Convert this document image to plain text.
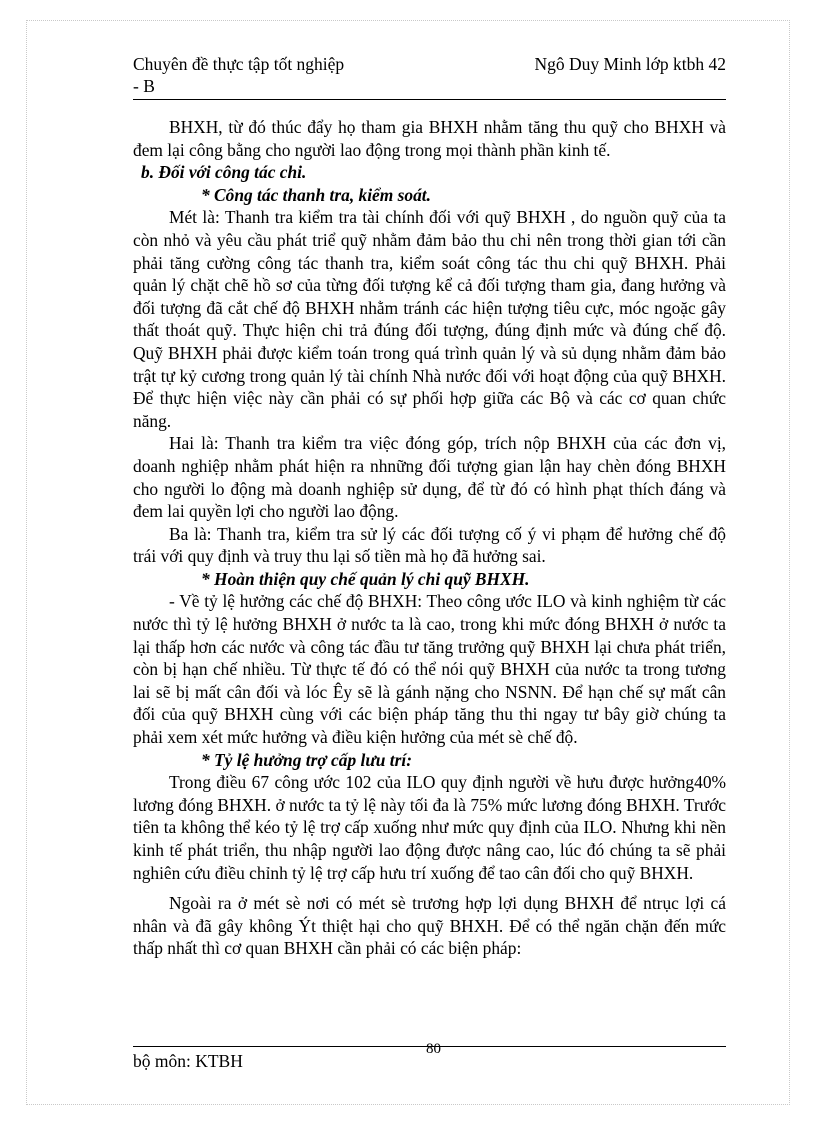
Chuyên đề thực tập tốt nghiệp	Ngô Duy Minh lớp ktbh 42
- B

BHXH, từ đó thúc đẩy họ tham gia BHXH nhằm tăng thu quỹ cho BHXH và đem lại công bằng cho người lao động trong mọi thành phần kinh tế.

b. Đối với công tác chi.

* Công tác thanh tra, kiểm soát.

Mét là: Thanh tra kiểm tra tài chính đối với quỹ BHXH , do nguồn quỹ của ta còn nhỏ và yêu cầu phát triể quỹ nhằm đảm bảo thu chi nên trong thời gian tới cần phải tăng cường công tác thanh tra, kiểm soát công tác thu chi quỹ BHXH. Phải quản lý chặt chẽ hồ sơ của từng đối tượng kể cả đối tượng tham gia, đang hưởng và đối tượng đã cắt chế độ BHXH nhằm tránh các hiện tượng tiêu cực, móc ngoặc gây thất thoát quỹ. Thực hiện chi trả đúng đối tượng, đúng định mức và đúng chế độ. Quỹ BHXH phải được kiểm toán trong quá trình quản lý và sủ dụng nhằm đảm bảo trật tự kỷ cương trong quản lý tài chính Nhà nước đối với hoạt động của quỹ BHXH. Để thực hiện việc này cần phải có sự phối hợp giữa các Bộ và các cơ quan chức năng.

Hai là: Thanh tra kiểm tra việc đóng góp, trích nộp BHXH của các đơn vị, doanh nghiệp nhằm phát hiện ra nhnững đối tượng gian lận hay chèn đóng BHXH cho người lo động mà doanh nghiệp sử dụng, để từ đó có hình phạt thích đáng và đem lai quyền lợi cho người lao động.

Ba là: Thanh tra, kiểm tra sử lý các đối tượng cố ý vi phạm để hưởng chế độ trái với quy định và truy thu lại số tiền mà họ đã hưởng sai.

* Hoàn thiện quy chế quản lý chi quỹ BHXH.

- Về tỷ lệ hưởng các chế độ BHXH: Theo công ước ILO và kinh nghiệm từ các nước thì tỷ lệ hưởng BHXH ở nước ta là cao, trong khi mức đóng BHXH ở nước ta lại thấp hơn các nước và công tác đầu tư tăng trưởng quỹ BHXH lại chưa phát triển, còn bị hạn chế nhiều. Từ thực tế đó có thể nói quỹ BHXH của nước ta trong tương lai sẽ bị mất cân đối và lóc Êy sẽ là gánh nặng cho NSNN. Để hạn chế sự mất cân đối của quỹ BHXH cùng với các biện pháp tăng thu thi ngay tư bây giờ chúng ta phải xem xét mức hưởng và điều kiện hưởng của mét sè chế độ.

* Tỷ lệ hưởng trợ cấp lưu trí:

Trong điều 67 công ước 102 của ILO quy định người về hưu được hưởng40% lương đóng BHXH. ở nước ta tỷ lệ này tối đa là 75% mức lương đóng BHXH. Trước tiên ta không thể kéo tỷ lệ trợ cấp xuống như mức quy định của ILO. Nhưng khi nền kinh tế phát triển, thu nhập người lao động được nâng cao, lúc đó chúng ta sẽ phải nghiên cứu điều chỉnh tỷ lệ trợ cấp hưu trí xuống để tao cân đối cho quỹ BHXH.

Ngoài ra ở mét sè nơi có mét sè trương hợp lợi dụng BHXH để ntrục lợi cá nhân và đã gây không Ýt thiệt hại cho quỹ BHXH. Để có thể ngăn chặn đến mức thấp nhất thì cơ quan BHXH cần phải có các biện pháp:

bộ môn: KTBH
80
